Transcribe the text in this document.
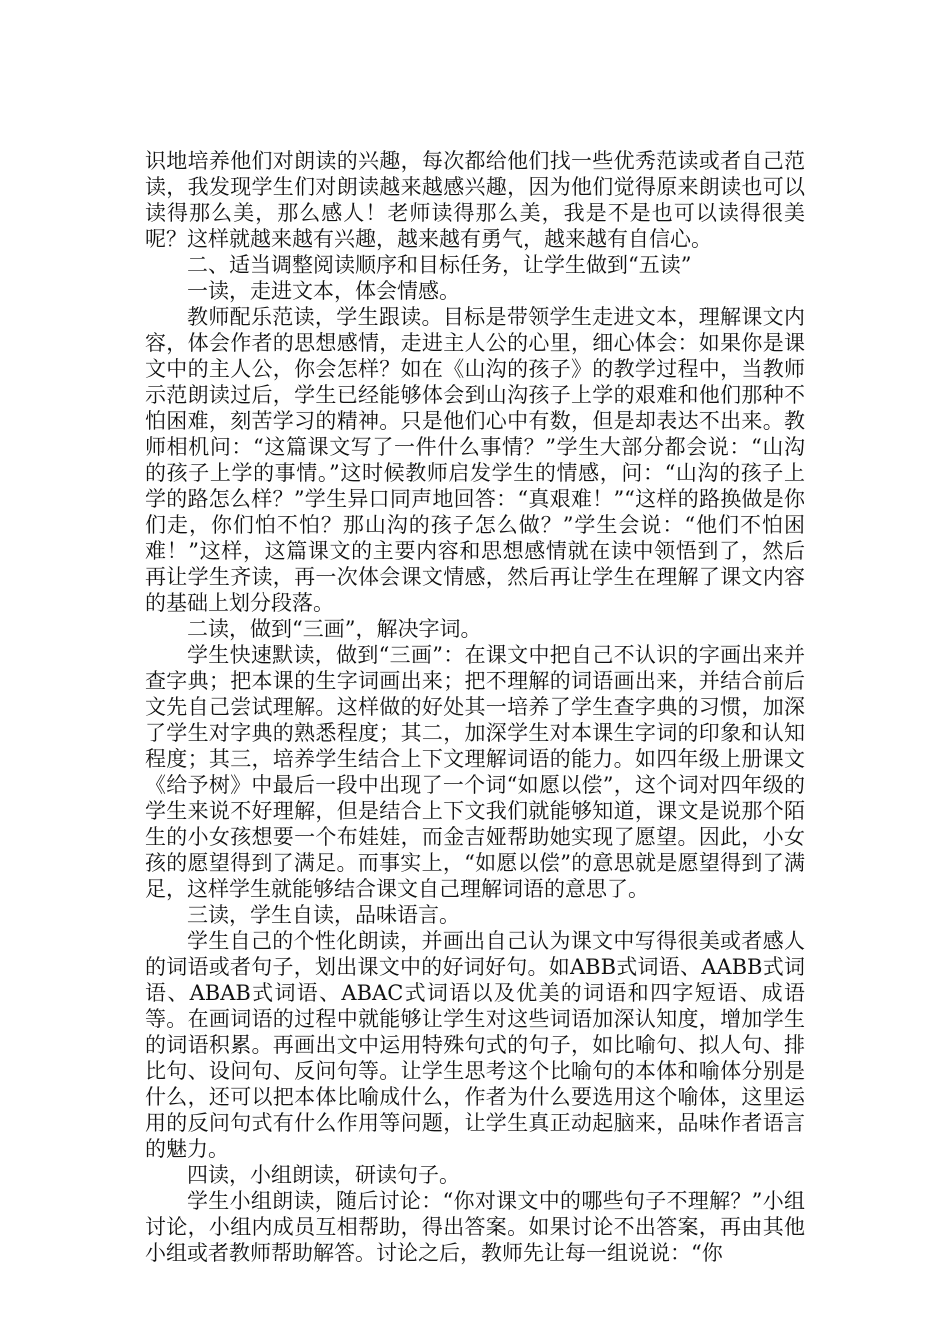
识地培养他们对朗读的兴趣，每次都给他们找一些优秀范读或者自己范读，我发现学生们对朗读越来越感兴趣，因为他们觉得原来朗读也可以读得那么美，那么感人！老师读得那么美，我是不是也可以读得很美呢？这样就越来越有兴趣，越来越有勇气，越来越有自信心。

二、适当调整阅读顺序和目标任务，让学生做到“五读”

一读，走进文本，体会情感。

教师配乐范读，学生跟读。目标是带领学生走进文本，理解课文内容，体会作者的思想感情，走进主人公的心里，细心体会：如果你是课文中的主人公，你会怎样？如在《山沟的孩子》的教学过程中，当教师示范朗读过后，学生已经能够体会到山沟孩子上学的艰难和他们那种不怕困难，刻苦学习的精神。只是他们心中有数，但是却表达不出来。教师相机问：“这篇课文写了一件什么事情？”学生大部分都会说：“山沟的孩子上学的事情。”这时候教师启发学生的情感，问：“山沟的孩子上学的路怎么样？”学生异口同声地回答：“真艰难！”“这样的路换做是你们走，你们怕不怕？那山沟的孩子怎么做？”学生会说：“他们不怕困难！”这样，这篇课文的主要内容和思想感情就在读中领悟到了，然后再让学生齐读，再一次体会课文情感，然后再让学生在理解了课文内容的基础上划分段落。

二读，做到“三画”，解决字词。

学生快速默读，做到“三画”：在课文中把自己不认识的字画出来并查字典；把本课的生字词画出来；把不理解的词语画出来，并结合前后文先自己尝试理解。这样做的好处其一培养了学生查字典的习惯，加深了学生对字典的熟悉程度；其二，加深学生对本课生字词的印象和认知程度；其三，培养学生结合上下文理解词语的能力。如四年级上册课文《给予树》中最后一段中出现了一个词“如愿以偿”，这个词对四年级的学生来说不好理解，但是结合上下文我们就能够知道，课文是说那个陌生的小女孩想要一个布娃娃，而金吉娅帮助她实现了愿望。因此，小女孩的愿望得到了满足。而事实上，“如愿以偿”的意思就是愿望得到了满足，这样学生就能够结合课文自己理解词语的意思了。

三读，学生自读，品味语言。

学生自己的个性化朗读，并画出自己认为课文中写得很美或者感人的词语或者句子，划出课文中的好词好句。如ABB式词语、AABB式词语、ABAB式词语、ABAC式词语以及优美的词语和四字短语、成语等。在画词语的过程中就能够让学生对这些词语加深认知度，增加学生的词语积累。再画出文中运用特殊句式的句子，如比喻句、拟人句、排比句、设问句、反问句等。让学生思考这个比喻句的本体和喻体分别是什么，还可以把本体比喻成什么，作者为什么要选用这个喻体，这里运用的反问句式有什么作用等问题，让学生真正动起脑来，品味作者语言的魅力。

四读，小组朗读，研读句子。

学生小组朗读，随后讨论：“你对课文中的哪些句子不理解？”小组讨论，小组内成员互相帮助，得出答案。如果讨论不出答案，再由其他小组或者教师帮助解答。讨论之后，教师先让每一组说说：“你
